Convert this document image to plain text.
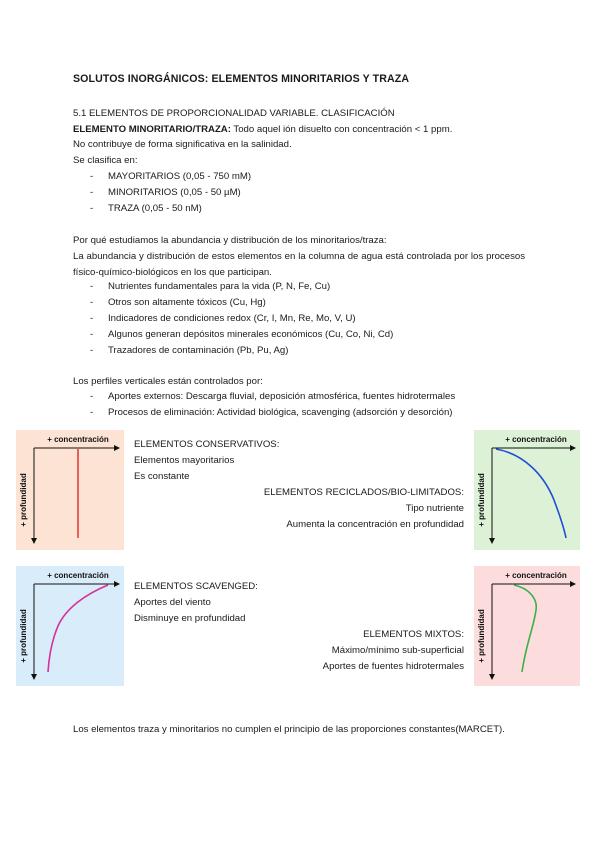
SOLUTOS INORGÁNICOS: ELEMENTOS MINORITARIOS Y TRAZA
5.1 ELEMENTOS DE PROPORCIONALIDAD VARIABLE. CLASIFICACIÓN
ELEMENTO MINORITARIO/TRAZA: Todo aquel ión disuelto con concentración < 1 ppm.
No contribuye de forma significativa en la salinidad.
Se clasifica en:
- MAYORITARIOS (0,05 - 750 mM)
- MINORITARIOS (0,05 - 50 µM)
- TRAZA (0,05 - 50 nM)
Por qué estudiamos la abundancia y distribución de los minoritarios/traza:
La abundancia y distribución de estos elementos en la columna de agua está controlada por los procesos físico-químico-biológicos en los que participan.
- Nutrientes fundamentales para la vida (P, N, Fe, Cu)
- Otros son altamente tóxicos (Cu, Hg)
- Indicadores de condiciones redox (Cr, I, Mn, Re, Mo, V, U)
- Algunos generan depósitos minerales económicos (Cu, Co, Ni, Cd)
- Trazadores de contaminación (Pb, Pu, Ag)
Los perfiles verticales están controlados por:
- Aportes externos: Descarga fluvial, deposición atmosférica, fuentes hidrotermales
- Procesos de eliminación: Actividad biológica, scavenging (adsorción y desorción)
+ concentración
+ profundidad
ELEMENTOS CONSERVATIVOS:
Elementos mayoritarios
Es constante
+ concentración
+ profundidad
ELEMENTOS RECICLADOS/BIO-LIMITADOS:
Tipo nutriente
Aumenta la concentración en profundidad
+ concentración
+ profundidad
ELEMENTOS SCAVENGED:
Aportes del viento
Disminuye en profundidad
+ concentración
+ profundidad
ELEMENTOS MIXTOS:
Máximo/mínimo sub-superficial
Aportes de fuentes hidrotermales
Los elementos traza y minoritarios no cumplen el principio de las proporciones constantes(MARCET).
